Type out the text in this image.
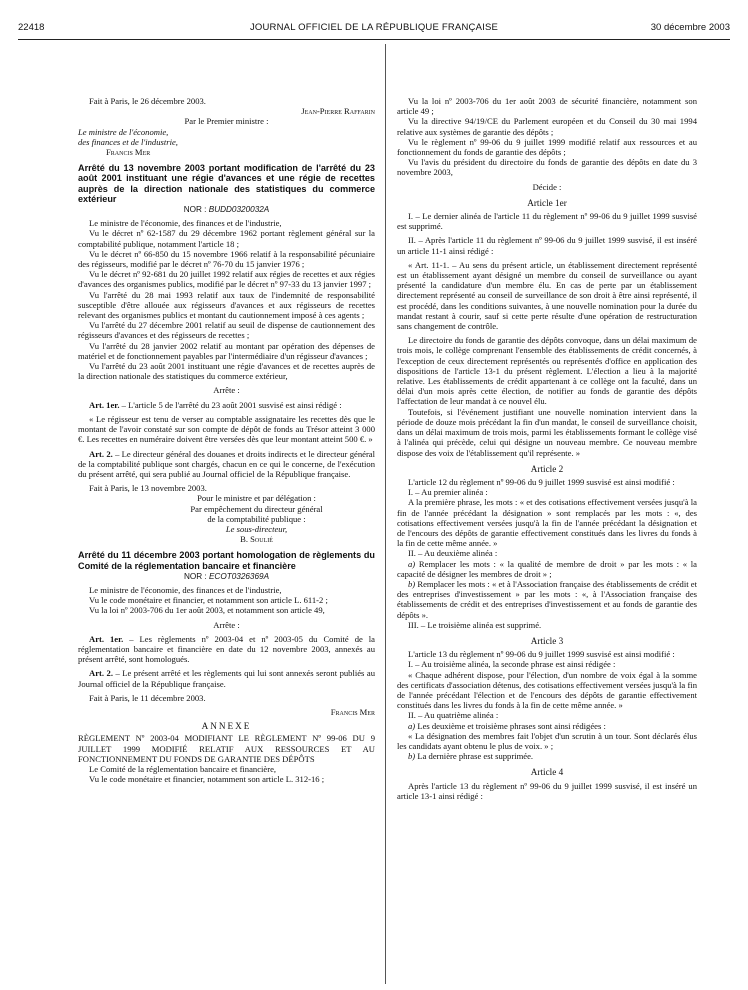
22418	JOURNAL OFFICIEL DE LA RÉPUBLIQUE FRANÇAISE	30 décembre 2003

Fait à Paris, le 26 décembre 2003.

Jean-Pierre Raffarin

Par le Premier ministre :

Le ministre de l'économie,

des finances et de l'industrie,

Francis Mer

Arrêté du 13 novembre 2003 portant modification de l'arrêté du 23 août 2001 instituant une régie d'avances et une régie de recettes auprès de la direction nationale des statistiques du commerce extérieur

NOR : BUDD0320032A

Le ministre de l'économie, des finances et de l'industrie,

Vu le décret nº 62-1587 du 29 décembre 1962 portant règlement général sur la comptabilité publique, notamment l'article 18 ;

Vu le décret nº 66-850 du 15 novembre 1966 relatif à la responsabilité pécuniaire des régisseurs, modifié par le décret nº 76-70 du 15 janvier 1976 ;

Vu le décret nº 92-681 du 20 juillet 1992 relatif aux régies de recettes et aux régies d'avances des organismes publics, modifié par le décret nº 97-33 du 13 janvier 1997 ;

Vu l'arrêté du 28 mai 1993 relatif aux taux de l'indemnité de responsabilité susceptible d'être allouée aux régisseurs d'avances et aux régisseurs de recettes relevant des organismes publics et montant du cautionnement imposé à ces agents ;

Vu l'arrêté du 27 décembre 2001 relatif au seuil de dispense de cautionnement des régisseurs d'avances et des régisseurs de recettes ;

Vu l'arrêté du 28 janvier 2002 relatif au montant par opération des dépenses de matériel et de fonctionnement payables par l'intermédiaire d'un régisseur d'avances ;

Vu l'arrêté du 23 août 2001 instituant une régie d'avances et de recettes auprès de la direction nationale des statistiques du commerce extérieur,

Arrête :

Art. 1er. – L'article 5 de l'arrêté du 23 août 2001 susvisé est ainsi rédigé :

« Le régisseur est tenu de verser au comptable assignataire les recettes dès que le montant de l'avoir constaté sur son compte de dépôt de fonds au Trésor atteint 3 000 €. Les recettes en numéraire doivent être versées dès que leur montant atteint 500 €. »

Art. 2. – Le directeur général des douanes et droits indirects et le directeur général de la comptabilité publique sont chargés, chacun en ce qui le concerne, de l'exécution du présent arrêté, qui sera publié au Journal officiel de la République française.

Fait à Paris, le 13 novembre 2003.

Pour le ministre et par délégation :

Par empêchement du directeur général

de la comptabilité publique :

Le sous-directeur,

B. Soulié

Arrêté du 11 décembre 2003 portant homologation de règlements du Comité de la réglementation bancaire et financière

NOR : ECOT0326369A

Le ministre de l'économie, des finances et de l'industrie,

Vu le code monétaire et financier, et notamment son article L. 611-2 ;

Vu la loi nº 2003-706 du 1er août 2003, et notamment son article 49,

Arrête :

Art. 1er. – Les règlements nº 2003-04 et nº 2003-05 du Comité de la réglementation bancaire et financière en date du 12 novembre 2003, annexés au présent arrêté, sont homologués.

Art. 2. – Le présent arrêté et les règlements qui lui sont annexés seront publiés au Journal officiel de la République française.

Fait à Paris, le 11 décembre 2003.

Francis Mer

ANNEXE

RÈGLEMENT Nº 2003-04 MODIFIANT LE RÈGLEMENT Nº 99-06 DU 9 JUILLET 1999 MODIFIÉ RELATIF AUX RESSOURCES ET AU FONCTIONNEMENT DU FONDS DE GARANTIE DES DÉPÔTS

Le Comité de la réglementation bancaire et financière,

Vu le code monétaire et financier, notamment son article L. 312-16 ;

Vu la loi nº 2003-706 du 1er août 2003 de sécurité financière, notamment son article 49 ;

Vu la directive 94/19/CE du Parlement européen et du Conseil du 30 mai 1994 relative aux systèmes de garantie des dépôts ;

Vu le règlement nº 99-06 du 9 juillet 1999 modifié relatif aux ressources et au fonctionnement du fonds de garantie des dépôts ;

Vu l'avis du président du directoire du fonds de garantie des dépôts en date du 3 novembre 2003,

Décide :

Article 1er

I. – Le dernier alinéa de l'article 11 du règlement nº 99-06 du 9 juillet 1999 susvisé est supprimé.

II. – Après l'article 11 du règlement nº 99-06 du 9 juillet 1999 susvisé, il est inséré un article 11-1 ainsi rédigé :

« Art. 11-1. – Au sens du présent article, un établissement directement représenté est un établissement ayant désigné un membre du conseil de surveillance ou ayant présenté la candidature d'un membre élu. En cas de perte par un établissement directement représenté au conseil de surveillance de son droit à être ainsi représenté, il est procédé, dans les conditions suivantes, à une nouvelle nomination pour la durée du mandat restant à courir, sauf si cette perte résulte d'une opération de restructuration sans changement de contrôle.

Le directoire du fonds de garantie des dépôts convoque, dans un délai maximum de trois mois, le collège comprenant l'ensemble des établissements de crédit concernés, à l'exception de ceux directement représentés ou représentés d'office en application des dispositions de l'article 13-1 du présent règlement. L'élection a lieu à la majorité relative. Les établissements de crédit appartenant à ce collège ont la faculté, dans un délai d'un mois après cette élection, de notifier au fonds de garantie des dépôts l'affectation de leur mandat à ce nouvel élu.

Toutefois, si l'événement justifiant une nouvelle nomination intervient dans la période de douze mois précédant la fin d'un mandat, le conseil de surveillance choisit, dans un délai maximum de trois mois, parmi les établissements formant le collège visé à l'alinéa qui précède, celui qui désigne un nouveau membre. Ce nouveau membre dispose des voix de l'établissement qu'il représente. »

Article 2

L'article 12 du règlement nº 99-06 du 9 juillet 1999 susvisé est ainsi modifié :

I. – Au premier alinéa :

A la première phrase, les mots : « et des cotisations effectivement versées jusqu'à la fin de l'année précédant la désignation » sont remplacés par les mots : «, des cotisations effectivement versées jusqu'à la fin de l'année précédant la désignation et de l'encours des dépôts de garantie effectivement constitués dans les livres du fonds à la fin de cette même année. »

II. – Au deuxième alinéa :

a) Remplacer les mots : « la qualité de membre de droit » par les mots : « la capacité de désigner les membres de droit » ;

b) Remplacer les mots : « et à l'Association française des établissements de crédit et des entreprises d'investissement » par les mots : «, à l'Association française des établissements de crédit et des entreprises d'investissement et au fonds de garantie des dépôts ».

III. – Le troisième alinéa est supprimé.

Article 3

L'article 13 du règlement nº 99-06 du 9 juillet 1999 susvisé est ainsi modifié :

I. – Au troisième alinéa, la seconde phrase est ainsi rédigée :

« Chaque adhérent dispose, pour l'élection, d'un nombre de voix égal à la somme des certificats d'association détenus, des cotisations effectivement versées jusqu'à la fin de l'année précédant l'élection et de l'encours des dépôts de garantie effectivement constitués dans les livres du fonds à la fin de cette même année. »

II. – Au quatrième alinéa :

a) Les deuxième et troisième phrases sont ainsi rédigées :

« La désignation des membres fait l'objet d'un scrutin à un tour. Sont déclarés élus les candidats ayant obtenu le plus de voix. » ;

b) La dernière phrase est supprimée.

Article 4

Après l'article 13 du règlement nº 99-06 du 9 juillet 1999 susvisé, il est inséré un article 13-1 ainsi rédigé :
